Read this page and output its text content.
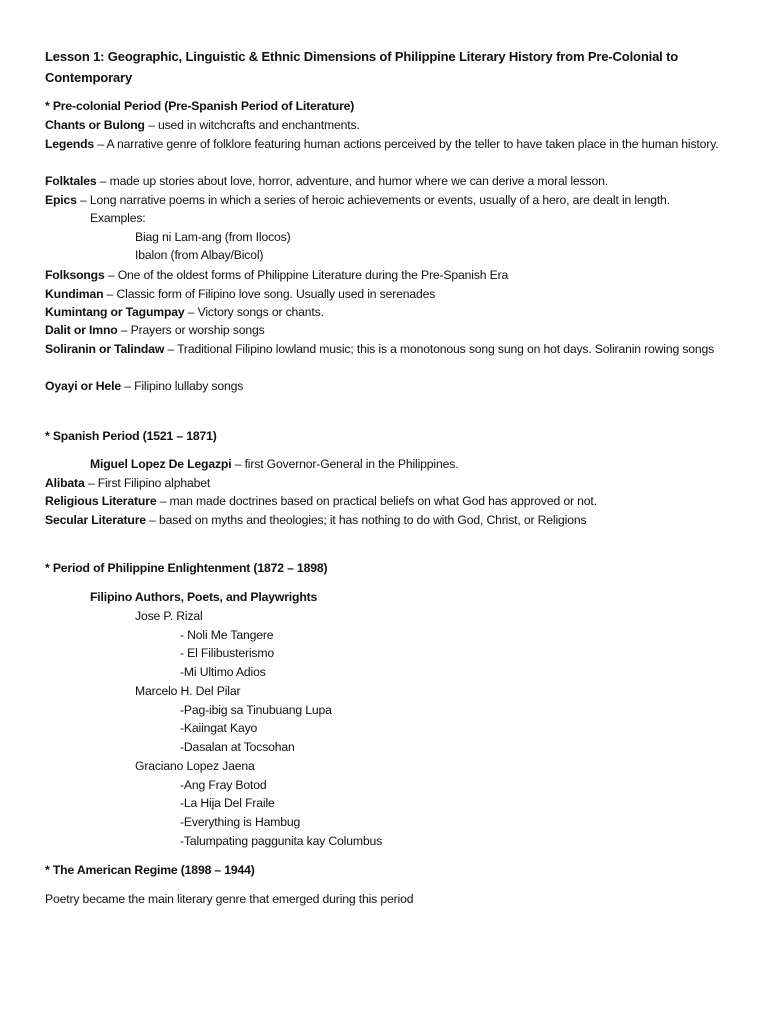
Lesson 1: Geographic, Linguistic & Ethnic Dimensions of Philippine Literary History from Pre-Colonial to Contemporary
* Pre-colonial Period (Pre-Spanish Period of Literature)
Chants or Bulong – used in witchcrafts and enchantments.
Legends – A narrative genre of folklore featuring human actions perceived by the teller to have taken place in the human history.
Folktales – made up stories about love, horror, adventure, and humor where we can derive a moral lesson.
Epics – Long narrative poems in which a series of heroic achievements or events, usually of a hero, are dealt in length.
Examples:
Biag ni Lam-ang (from Ilocos)
Ibalon (from Albay/Bicol)
Folksongs – One of the oldest forms of Philippine Literature during the Pre-Spanish Era
Kundiman – Classic form of Filipino love song. Usually used in serenades
Kumintang or Tagumpay – Victory songs or chants.
Dalit or Imno – Prayers or worship songs
Soliranin or Talindaw – Traditional Filipino lowland music; this is a monotonous song sung on hot days. Soliranin rowing songs
Oyayi or Hele – Filipino lullaby songs
* Spanish Period (1521 – 1871)
Miguel Lopez De Legazpi – first Governor-General in the Philippines.
Alibata – First Filipino alphabet
Religious Literature – man made doctrines based on practical beliefs on what God has approved or not.
Secular Literature – based on myths and theologies; it has nothing to do with God, Christ, or Religions
* Period of Philippine Enlightenment (1872 – 1898)
Filipino Authors, Poets, and Playwrights
Jose P. Rizal
- Noli Me Tangere
- El Filibusterismo
-Mi Ultimo Adios
Marcelo H. Del Pilar
-Pag-ibig sa Tinubuang Lupa
-Kaiingat Kayo
-Dasalan at Tocsohan
Graciano Lopez Jaena
-Ang Fray Botod
-La Hija Del Fraile
-Everything is Hambug
-Talumpating paggunita kay Columbus
* The American Regime (1898 – 1944)
Poetry became the main literary genre that emerged during this period
